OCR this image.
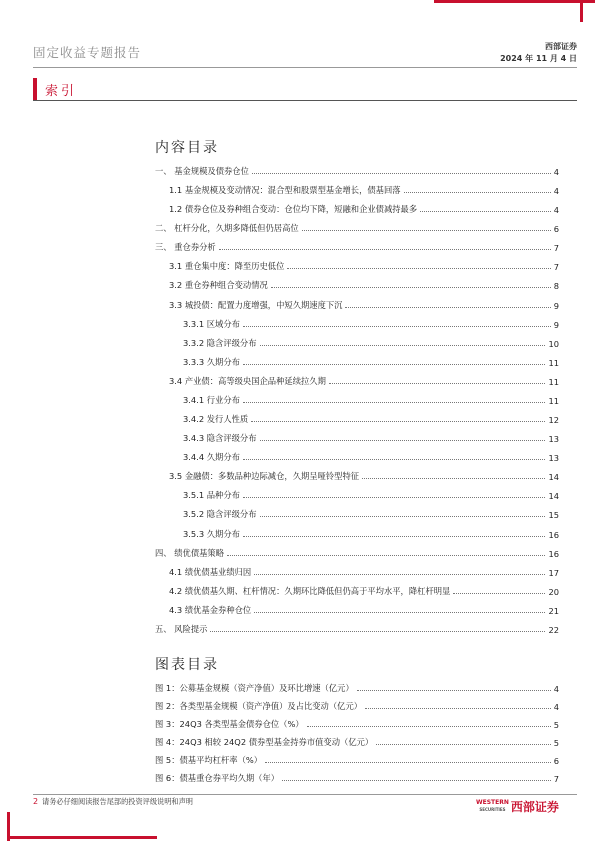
固定收益专题报告	西部证券
2024 年 11 月 4 日
索引
内容目录
一、 基金规模及债券仓位	4
1.1 基金规模及变动情况：混合型和股票型基金增长，债基回落	4
1.2 债券仓位及券种组合变动：仓位均下降，短融和企业债减持最多	4
二、 杠杆分化，久期多降低但仍居高位	6
三、 重仓券分析	7
3.1 重仓集中度：降至历史低位	7
3.2 重仓券种组合变动情况	8
3.3 城投债：配置力度增强，中短久期速度下沉	9
3.3.1 区域分布	9
3.3.2 隐含评级分布	10
3.3.3 久期分布	11
3.4 产业债：高等级央国企品种延续拉久期	11
3.4.1 行业分布	11
3.4.2 发行人性质	12
3.4.3 隐含评级分布	13
3.4.4 久期分布	13
3.5 金融债：多数品种边际减仓，久期呈哑铃型特征	14
3.5.1 品种分布	14
3.5.2 隐含评级分布	15
3.5.3 久期分布	16
四、 绩优债基策略	16
4.1 绩优债基业绩归因	17
4.2 绩优债基久期、杠杆情况：久期环比降低但仍高于平均水平，降杠杆明显	20
4.3 绩优基金券种仓位	21
五、 风险提示	22
图表目录
图 1：公募基金规模（资产净值）及环比增速（亿元）	4
图 2：各类型基金规模（资产净值）及占比变动（亿元）	4
图 3：24Q3 各类型基金债券仓位（%）	5
图 4：24Q3 相较 24Q2 债券型基金持券市值变动（亿元）	5
图 5：债基平均杠杆率（%）	6
图 6：债基重仓券平均久期（年）	7
2 请务必仔细阅读报告尾部的投资评级说明和声明	WESTERN
SECURITIES 西部证券
